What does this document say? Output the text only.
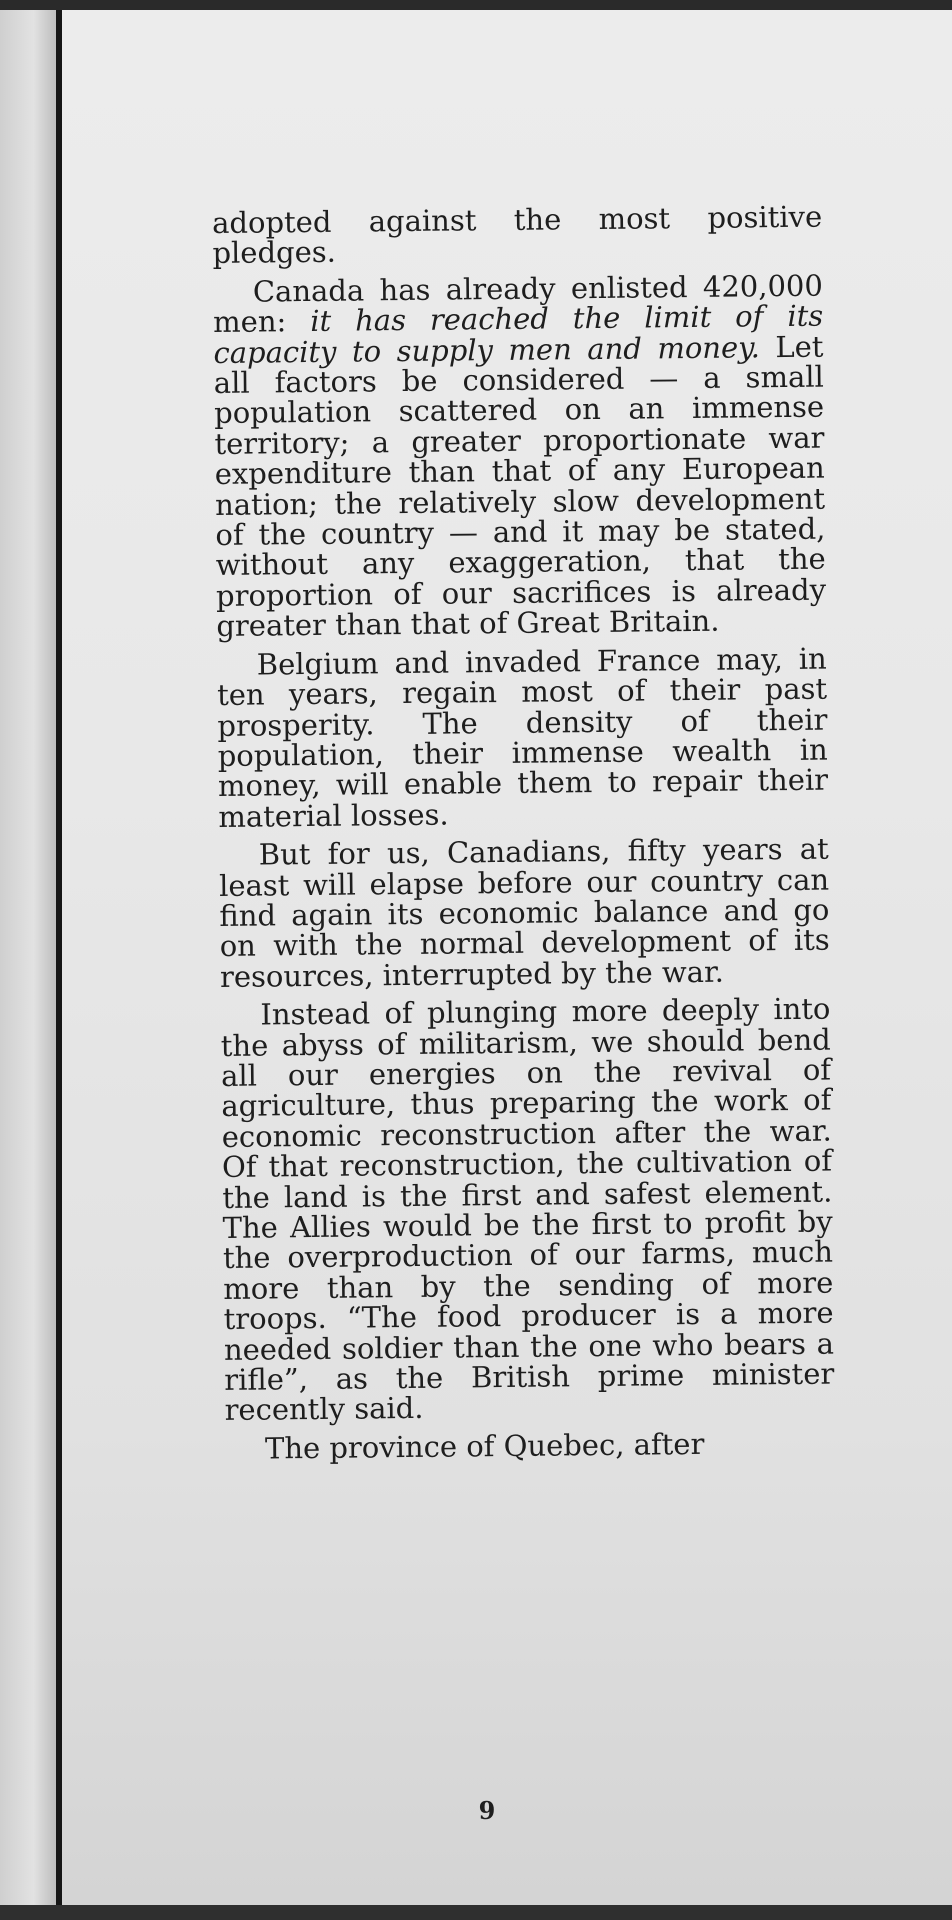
adopted against the most positive pledges.

Canada has already enlisted 420,000 men: it has reached the limit of its capacity to supply men and money. Let all factors be considered — a small population scattered on an immense territory; a greater proportionate war expenditure than that of any European nation; the relatively slow development of the country — and it may be stated, without any exaggeration, that the proportion of our sacrifices is already greater than that of Great Britain.

Belgium and invaded France may, in ten years, regain most of their past prosperity. The density of their population, their immense wealth in money, will enable them to repair their material losses.

But for us, Canadians, fifty years at least will elapse before our country can find again its economic balance and go on with the normal development of its resources, interrupted by the war.

Instead of plunging more deeply into the abyss of militarism, we should bend all our energies on the revival of agriculture, thus preparing the work of economic reconstruction after the war. Of that reconstruction, the cultivation of the land is the first and safest element. The Allies would be the first to profit by the overproduction of our farms, much more than by the sending of more troops. “The food producer is a more needed soldier than the one who bears a rifle”, as the British prime minister recently said.

The province of Quebec, after

9
